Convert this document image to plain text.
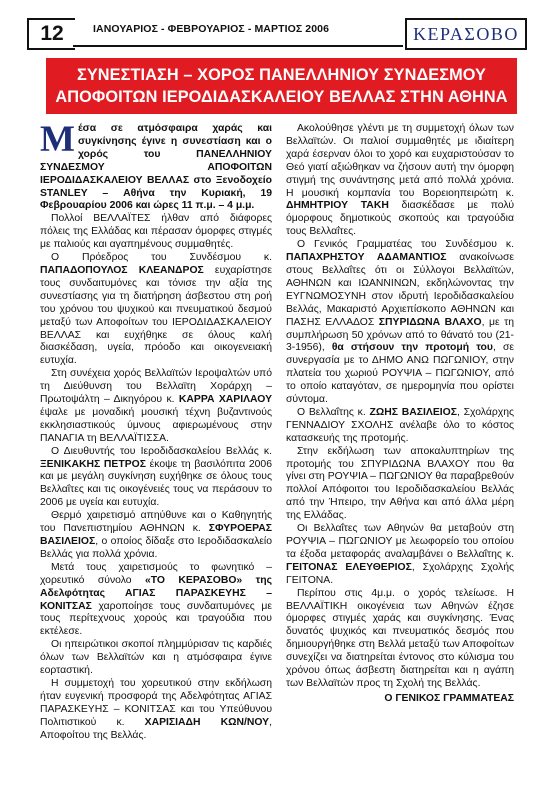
12	ΙΑΝΟΥΑΡΙΟΣ - ΦΕΒΡΟΥΑΡΙΟΣ - ΜΑΡΤΙΟΣ 2006	ΚΕΡΑΣΟΒΟ
ΣΥΝΕΣΤΙΑΣΗ – ΧΟΡΟΣ ΠΑΝΕΛΛΗΝΙΟΥ ΣΥΝΔΕΣΜΟΥ
ΑΠΟΦΟΙΤΩΝ ΙΕΡΟΔΙΔΑΣΚΑΛΕΙΟΥ ΒΕΛΛΑΣ ΣΤΗΝ ΑΘΗΝΑ

Μέσα σε ατμόσφαιρα χαράς και συγκίνησης έγινε η συνεστίαση και ο χορός του ΠΑΝΕΛΛΗΝΙΟΥ ΣΥΝΔΕΣΜΟΥ ΑΠΟΦΟΙΤΩΝ ΙΕΡΟΔΙΔΑΣΚΑΛΕΙΟΥ ΒΕΛΛΑΣ στο Ξενοδοχείο STANLEY – Αθήνα την Κυριακή, 19 Φεβρουαρίου 2006 και ώρες 11 π.μ. – 4 μ.μ.

Πολλοί ΒΕΛΛΑΪΤΕΣ ήλθαν από διάφορες πόλεις της Ελλάδας και πέρασαν όμορφες στιγμές με παλιούς και αγαπημένους συμμαθητές.

Ο Πρόεδρος του Συνδέσμου κ. ΠΑΠΑΔΟΠΟΥΛΟΣ ΚΛΕΑΝΔΡΟΣ ευχαρίστησε τους συνδαιτυμόνες και τόνισε την αξία της συνεστίασης για τη διατήρηση άσβεστου στη ροή του χρόνου του ψυχικού και πνευματικού δεσμού μεταξύ των Αποφοίτων του ΙΕΡΟΔΙΔΑΣΚΑΛΕΙΟΥ ΒΕΛΛΑΣ και ευχήθηκε σε όλους καλή διασκέδαση, υγεία, πρόοδο και οικογενειακή ευτυχία.

Στη συνέχεια χορός Βελλαϊτών Ιεροψαλτών υπό τη Διεύθυνση του Βελλαϊτη Χοράρχη – Πρωτοψάλτη – Δικηγόρου κ. ΚΑΡΡΑ ΧΑΡΙΛΑΟΥ έψαλε με μοναδική μουσική τέχνη βυζαντινούς εκκλησιαστικούς ύμνους αφιερωμένους στην ΠΑΝΑΓΙΑ τη ΒΕΛΛΑΪΤΙΣΣΑ.

Ο Διευθυντής του Ιεροδιδασκαλείου Βελλάς κ. ΞΕΝΙΚΑΚΗΣ ΠΕΤΡΟΣ έκοψε τη βασιλόπιτα 2006 και με μεγάλη συγκίνηση ευχήθηκε σε όλους τους Βελλαΐτες και τις οικογένειές τους να περάσουν το 2006 με υγεία και ευτυχία.

Θερμό χαιρετισμό απηύθυνε και ο Καθηγητής του Πανεπιστημίου ΑΘΗΝΩΝ κ. ΣΦΥΡΟΕΡΑΣ ΒΑΣΙΛΕΙΟΣ, ο οποίος δίδαξε στο Ιεροδιδασκαλείο Βελλάς για πολλά χρόνια.

Μετά τους χαιρετισμούς το φωνητικό – χορευτικό σύνολο «ΤΟ ΚΕΡΑΣΟΒΟ» της Αδελφότητας ΑΓΙΑΣ ΠΑΡΑΣΚΕΥΗΣ – ΚΟΝΙΤΣΑΣ χαροποίησε τους συνδαιτυμόνες με τους περίτεχνους χορούς και τραγούδια που εκτέλεσε.

Οι ηπειρώτικοι σκοποί πλημμύρισαν τις καρδιές όλων των Βελλαϊτών και η ατμόσφαιρα έγινε εορταστική.

Η συμμετοχή του χορευτικού στην εκδήλωση ήταν ευγενική προσφορά της Αδελφότητας ΑΓΙΑΣ ΠΑΡΑΣΚΕΥΗΣ – ΚΟΝΙΤΣΑΣ και του Υπεύθυνου Πολιτιστικού κ. ΧΑΡΙΣΙΑΔΗ ΚΩΝ/ΝΟΥ, Αποφοίτου της Βελλάς.

Ακολούθησε γλέντι με τη συμμετοχή όλων των Βελλαϊτών. Οι παλιοί συμμαθητές με ιδιαίτερη χαρά έσερναν όλοι το χορό και ευχαριστούσαν το Θεό γιατί αξιώθηκαν να ζήσουν αυτή την όμορφη στιγμή της συνάντησης μετά από πολλά χρόνια. Η μουσική κομπανία του Βορειοηπειρώτη κ. ΔΗΜΗΤΡΙΟΥ ΤΑΚΗ διασκέδασε με πολύ όμορφους δημοτικούς σκοπούς και τραγούδια τους Βελλαΐτες.

Ο Γενικός Γραμματέας του Συνδέσμου κ. ΠΑΠΑΧΡΗΣΤΟΥ ΑΔΑΜΑΝΤΙΟΣ ανακοίνωσε στους Βελλαΐτες ότι οι Σύλλογοι Βελλαϊτών, ΑΘΗΝΩΝ και ΙΩΑΝΝΙΝΩΝ, εκδηλώνοντας την ΕΥΓΝΩΜΟΣΥΝΗ στον ιδρυτή Ιεροδιδασκαλείου Βελλάς, Μακαριστό Αρχιεπίσκοπο ΑΘΗΝΩΝ και ΠΑΣΗΣ ΕΛΛΑΔΟΣ ΣΠΥΡΙΔΩΝΑ ΒΛΑΧΟ, με τη συμπλήρωση 50 χρόνων από το θάνατό του (21-3-1956), θα στήσουν την προτομή του, σε συνεργασία με το ΔΗΜΟ ΑΝΩ ΠΩΓΩΝΙΟΥ, στην πλατεία του χωριού ΡΟΥΨΙΑ – ΠΩΓΩΝΙΟΥ, από το οποίο καταγόταν, σε ημερομηνία που ορίστει σύντομα.

Ο Βελλαΐτης κ. ΖΩΗΣ ΒΑΣΙΛΕΙΟΣ, Σχολάρχης ΓΕΝΝΑΔΙΟΥ ΣΧΟΛΗΣ ανέλαβε όλο το κόστος κατασκευής της προτομής.

Στην εκδήλωση των αποκαλυπτηρίων της προτομής του ΣΠΥΡΙΔΩΝΑ ΒΛΑΧΟΥ που θα γίνει στη ΡΟΥΨΙΑ – ΠΩΓΩΝΙΟΥ θα παραβρεθούν πολλοί Απόφοιτοι του Ιεροδιδασκαλείου Βελλάς από την Ήπειρο, την Αθήνα και από άλλα μέρη της Ελλάδας.

Οι Βελλαΐτες των Αθηνών θα μεταβούν στη ΡΟΥΨΙΑ – ΠΩΓΩΝΙΟΥ με λεωφορείο του οποίου τα έξοδα μεταφοράς αναλαμβάνει ο Βελλαΐτης κ. ΓΕΙΤΟΝΑΣ ΕΛΕΥΘΕΡΙΟΣ, Σχολάρχης Σχολής ΓΕΙΤΟΝΑ.

Περίπου στις 4μ.μ. ο χορός τελείωσε. Η ΒΕΛΛΑΪΤΙΚΗ οικογένεια των Αθηνών έζησε όμορφες στιγμές χαράς και συγκίνησης. Ένας δυνατός ψυχικός και πνευματικός δεσμός που δημιουργήθηκε στη Βελλά μεταξύ των Αποφοίτων συνεχίζει να διατηρείται έντονος στο κύλισμα του χρόνου όπως άσβεστη διατηρείται και η αγάπη των Βελλαϊτών προς τη Σχολή της Βελλάς.

Ο ΓΕΝΙΚΟΣ ΓΡΑΜΜΑΤΕΑΣ
